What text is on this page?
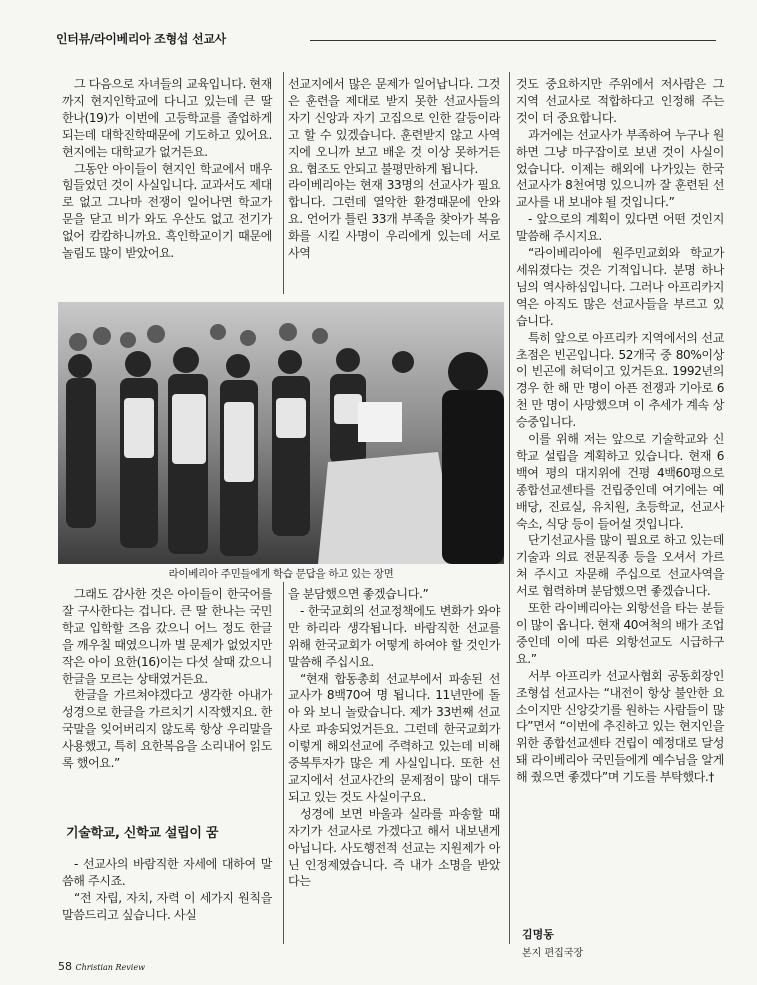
인터뷰/라이베리아 조형섭 선교사

그 다음으로 자녀들의 교육입니다. 현재까지 현지인학교에 다니고 있는데 큰 딸 한나(19)가 이번에 고등학교를 졸업하게 되는데 대학진학때문에 기도하고 있어요. 현지에는 대학교가 없거든요.

그동안 아이들이 현지인 학교에서 매우 힘들었던 것이 사실입니다. 교과서도 제대로 없고 그나마 전쟁이 일어나면 학교가 문을 닫고 비가 와도 우산도 없고 전기가 없어 캄캄하니까요. 흑인학교이기 때문에 놀림도 많이 받았어요.

선교지에서 많은 문제가 일어납니다. 그것은 훈련을 제대로 받지 못한 선교사들의 자기 신앙과 자기 고집으로 인한 갈등이라고 할 수 있겠습니다. 훈련받지 않고 사역지에 오니까 보고 배운 것 이상 못하거든요. 협조도 안되고 불평만하게 됩니다.

라이베리아는 현재 33명의 선교사가 필요합니다. 그런데 열악한 환경때문에 안와요. 언어가 틀린 33개 부족을 찾아가 복음화를 시킬 사명이 우리에게 있는데 서로 사역

것도 중요하지만 주위에서 저사람은 그 지역 선교사로 적합하다고 인정해 주는 것이 더 중요합니다.

과거에는 선교사가 부족하여 누구나 원하면 그냥 마구잡이로 보낸 것이 사실이었습니다. 이제는 해외에 나가있는 한국 선교사가 8천여명 있으니까 잘 훈련된 선교사를 내 보내야 될 것입니다.”

- 앞으로의 계획이 있다면 어떤 것인지 말씀해 주시지요.

“라이베리아에 원주민교회와 학교가 세워졌다는 것은 기적입니다. 분명 하나님의 역사하심입니다. 그러나 아프리카지역은 아직도 많은 선교사들을 부르고 있습니다.

특히 앞으로 아프리카 지역에서의 선교 초점은 빈곤입니다. 52개국 중 80%이상이 빈곤에 허덕이고 있거든요. 1992년의 경우 한 해 만 명이 아픈 전쟁과 기아로 6천 만 명이 사망했으며 이 추세가 계속 상승중입니다.

이를 위해 저는 앞으로 기술학교와 신학교 설립을 계획하고 있습니다. 현재 6백여 평의 대지위에 건평 4백60평으로 종합선교센타를 건립중인데 여기에는 예배당, 진료실, 유치원, 초등학교, 선교사 숙소, 식당 등이 들어설 것입니다.

단기선교사를 많이 필요로 하고 있는데 기술과 의료 전문직종 등을 오셔서 가르쳐 주시고 자문해 주십으로 선교사역을 서로 협력하며 분담했으면 좋겠습니다.

또한 라이베리아는 외항선을 타는 분들이 많이 옵니다. 현재 40여척의 배가 조업중인데 이에 따른 외항선교도 시급하구요.”

서부 아프리카 선교사협회 공동회장인 조형섭 선교사는 “내전이 항상 불안한 요소이지만 신앙갖기를 원하는 사람들이 많다”면서 “이번에 추진하고 있는 현지인을 위한 종합선교센타 건립이 예정대로 달성돼 라이베리아 국민들에게 예수님을 알게 해 줬으면 좋겠다”며 기도를 부탁했다.†

라이베리아 주민들에게 학습 문답을 하고 있는 장면

그래도 감사한 것은 아이들이 한국어를 잘 구사한다는 겁니다. 큰 딸 한나는 국민학교 입학할 즈음 갔으니 어느 정도 한글을 깨우칠 때였으니까 별 문제가 없었지만 작은 아이 요한(16)이는 다섯 살때 갔으니 한글을 모르는 상태였거든요.

한글을 가르쳐야겠다고 생각한 아내가 성경으로 한글을 가르치기 시작했지요. 한국말을 잊어버리지 않도록 항상 우리말을 사용했고, 특히 요한복음을 소리내어 읽도록 했어요.”

기술학교, 신학교 설립이 꿈

- 선교사의 바람직한 자세에 대하여 말씀해 주시죠.

“전 자립, 자치, 자력 이 세가지 원칙을 말씀드리고 싶습니다. 사실

을 분담했으면 좋겠습니다.”

- 한국교회의 선교정책에도 변화가 와야만 하리라 생각됩니다. 바람직한 선교를 위해 한국교회가 어떻게 하여야 할 것인가 말씀해 주십시요.

“현재 합동총회 선교부에서 파송된 선교사가 8백70여 명 됩니다. 11년만에 돌아 와 보니 놀랐습니다. 제가 33번째 선교사로 파송되었거든요. 그런데 한국교회가 이렇게 해외선교에 주력하고 있는데 비해 중복투자가 많은 게 사실입니다. 또한 선교지에서 선교사간의 문제점이 많이 대두되고 있는 것도 사실이구요.

성경에 보면 바울과 실라를 파송할 때 자기가 선교사로 가겠다고 해서 내보낸게 아닙니다. 사도행전적 선교는 지원제가 아닌 인정제였습니다. 즉 내가 소명을 받았다는

김명동
본지 편집국장
58 Christian Review
